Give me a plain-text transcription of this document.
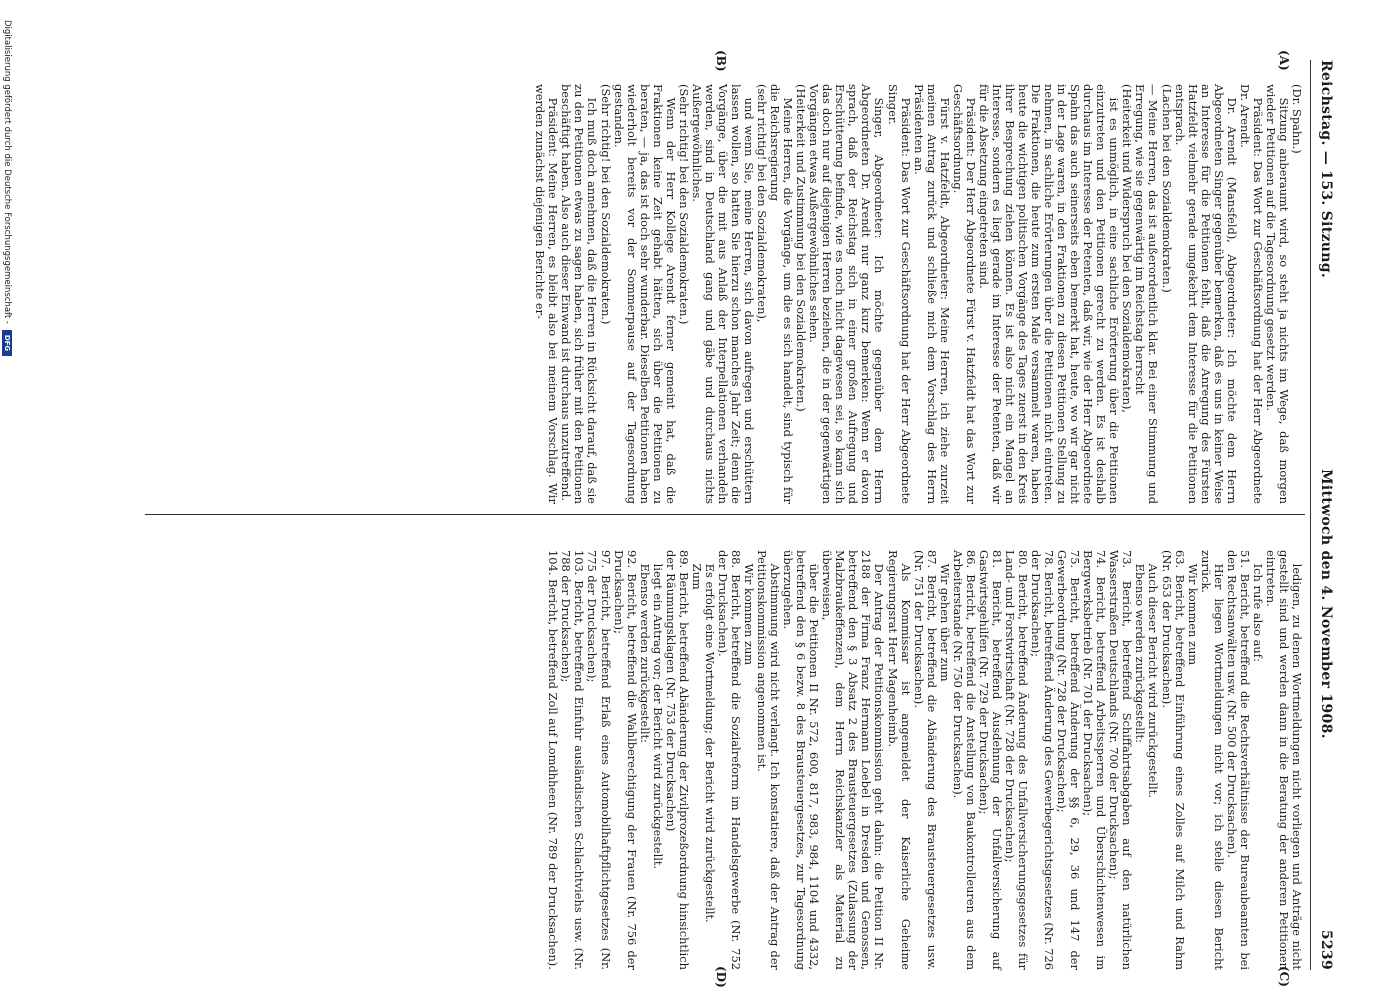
Reichstag. — 153. Sitzung.
Mittwoch den 4. November 1908.
5239
(A)
(B)
(C)
(D)

(Dr. Spahn.)

Sitzung anberaumt wird, so steht ja nichts im Wege, daß morgen wieder Petitionen auf die Tagesordnung gesetzt werden.

Präsident: Das Wort zur Geschäftsordnung hat der Herr Abgeordnete Dr. Arendt.

Dr. Arendt (Mansfeld), Abgeordneter: Ich möchte dem Herrn Abgeordneten Singer gegenüber bemerken, daß es uns in keiner Weise an Interesse für die Petitionen fehlt, daß die Anregung des Fürsten Hatzfeldt vielmehr gerade umgekehrt dem Interesse für die Petitionen entsprach.

(Lachen bei den Sozialdemokraten.)

— Meine Herren, das ist außerordentlich klar. Bei einer Stimmung und Erregung, wie sie gegenwärtig im Reichstag herrscht

(Heiterkeit und Widerspruch bei den Sozialdemokraten),

ist es unmöglich, in eine sachliche Erörterung über die Petitionen einzutreten und den Petitionen gerecht zu werden. Es ist deshalb durchaus im Interesse der Petenten, daß wir, wie der Herr Abgeordnete Spahn das auch seinerseits eben bemerkt hat, heute, wo wir gar nicht in der Lage waren, in den Fraktionen zu diesen Petitionen Stellung zu nehmen, in sachliche Erörterungen über die Petitionen nicht eintreten. Die Fraktionen, die heute zum ersten Male versammelt waren, haben heute die wichtigen politischen Vorgänge des Tages zuerst in den Kreis ihrer Besprechung ziehen können. Es ist also nicht ein Mangel an Interesse, sondern es liegt gerade im Interesse der Petenten, daß wir für die Absetzung eingetreten sind.

Präsident: Der Herr Abgeordnete Fürst v. Hatzfeldt hat das Wort zur Geschäftsordnung.

Fürst v. Hatzfeldt, Abgeordneter: Meine Herren, ich ziehe zurzeit meinen Antrag zurück und schließe mich dem Vorschlag des Herrn Präsidenten an.

Präsident: Das Wort zur Geschäftsordnung hat der Herr Abgeordnete Singer.

Singer, Abgeordneter: Ich möchte gegenüber dem Herrn Abgeordneten Dr. Arendt nur ganz kurz bemerken: Wenn er davon sprach, daß der Reichstag sich in einer großen Aufregung und Erschütterung befinde, wie es noch nicht dagewesen sei, so kann sich das doch nur auf diejenigen Herren beziehen, die in der gegenwärtigen Vorgängen etwas Außergewöhnliches sehen.

(Heiterkeit und Zustimmung bei den Sozialdemokraten.)

Meine Herren, die Vorgänge, um die es sich handelt, sind typisch für die Reichsregierung

(sehr richtig! bei den Sozialdemokraten),

und wenn Sie, meine Herren, sich davon aufregen und erschüttern lassen wollen, so hatten Sie hierzu schon manches Jahr Zeit; denn die Vorgänge, über die mit aus Anlaß der Interpellationen verhandeln werden, sind in Deutschland gang und gäbe und durchaus nichts Außergewöhnliches.

(Sehr richtig! bei den Sozialdemokraten.)

Wenn der Herr Kollege Arendt ferner gemeint hat, daß die Fraktionen keine Zeit gehabt hätten, sich über die Petitionen zu beraten, — ja, das ist doch sehr wunderbar. Dieselben Petitionen haben wiederholt bereits vor der Sommerpause auf der Tagesordnung gestanden.

(Sehr richtig! bei den Sozialdemokraten.)

Ich muß doch annehmen, daß die Herren in Rücksicht darauf, daß sie zu den Petitionen etwas zu sagen haben, sich früher mit den Petitionen beschäftigt haben. Also auch dieser Einwand ist durchaus unzutreffend.

Präsident: Meine Herren, es bleibt also bei meinem Vorschlag. Wir werden zunächst diejenigen Berichte er-

ledigen, zu denen Wortmeldungen nicht vorliegen und Anträge nicht gestellt sind und werden dann in die Beratung der anderen Petitionen eintreten.

Ich rufe also auf:

51. Bericht, betreffend die Rechtsverhältnisse der Bureaubeamten bei den Rechtsanwälten usw. (Nr. 500 der Drucksachen).

Hier liegen Wortmeldungen nicht vor; ich stelle diesen Bericht zurück.

Wir kommen zum

63. Bericht, betreffend Einführung eines Zolles auf Milch und Rahm (Nr. 653 der Drucksachen).

Auch dieser Bericht wird zurückgestellt.

Ebenso werden zurückgestellt:

73. Bericht, betreffend Schiffahrtsabgaben auf den natürlichen Wasserstraßen Deutschlands (Nr. 700 der Drucksachen);

74. Bericht, betreffend Arbeitssperren und Überschichtenwesen im Bergwerksbetrieb (Nr. 701 der Drucksachen);

75. Bericht, betreffend Änderung der §§ 6, 29, 36 und 147 der Gewerbeordnung (Nr. 728 der Drucksachen);

78. Bericht, betreffend Änderung des Gewerbegerichtsgesetzes (Nr. 726 der Drucksachen);

80. Bericht, betreffend Änderung des Unfallversicherungsgesetzes für Land- und Forstwirtschaft (Nr. 728 der Drucksachen);

81. Bericht, betreffend Ausdehnung der Unfallversicherung auf Gastwirtsgehilfen (Nr. 729 der Drucksachen);

86. Bericht, betreffend die Anstellung von Baukontrolleuren aus dem Arbeiterstande (Nr. 750 der Drucksachen).

Wir gehen über zum

87. Bericht, betreffend die Abänderung des Brausteuergesetzes usw. (Nr. 751 der Drucksachen).

Als Kommissar ist angemeldet der Kaiserliche Geheime Regierungsrat Herr Magenheimb.

Der Antrag der Petitionskommission geht dahin: die Petition II Nr. 2188 der Firma Franz Hermann Loebel in Dresden und Genossen, betreffend den § 3 Absatz 2 des Brausteuergesetzes (Zulassung der Malzbraukeffenzen), dem Herrn Reichskanzler als Material zu überweisen,

über die Petitionen II Nr. 572, 600, 817, 983, 984, 1104 und 4332, betreffend den § 6 bezw. 8 des Brausteuergesetzes, zur Tagesordnung überzugehen.

Abstimmung wird nicht verlangt. Ich konstatiere, daß der Antrag der Petitionskommission angenommen ist.

Wir kommen zum

88. Bericht, betreffend die Sozialreform im Handelsgewerbe (Nr. 752 der Drucksachen).

Es erfolgt eine Wortmeldung; der Bericht wird zurückgestellt.

Zum

89. Bericht, betreffend Abänderung der Zivilprozeßordnung hinsichtlich der Räumungsklagen (Nr. 753 der Drucksachen)

liegt ein Antrag vor; der Bericht wird zurückgestellt.

Ebenso werden zurückgestellt:

92. Bericht, betreffend die Wahlberechtigung der Frauen (Nr. 756 der Drucksachen);

97. Bericht, betreffend Erlaß eines Automobilhaftpflichtgesetzes (Nr. 775 der Drucksachen);

103. Bericht, betreffend Einfuhr ausländischen Schlachtviehs usw. (Nr. 788 der Drucksachen);

104. Bericht, betreffend Zoll auf Lomdhheen (Nr. 789 der Drucksachen).

Digitalisierung gefördert durch die Deutsche Forschungsgemeinschaft -
DFG
